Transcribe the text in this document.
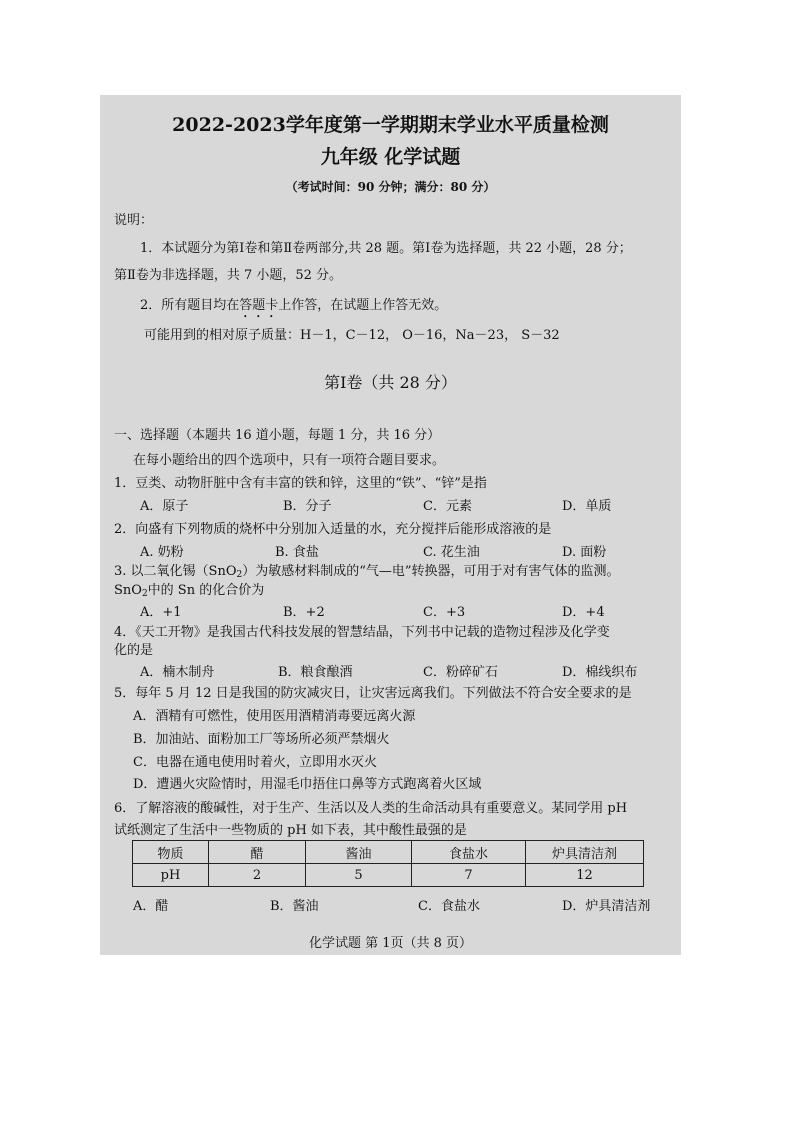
2022-2023学年度第一学期期末学业水平质量检测
九年级 化学试题
（考试时间：90 分钟；满分：80 分）
说明：
1．本试题分为第Ⅰ卷和第Ⅱ卷两部分,共 28 题。第Ⅰ卷为选择题，共 22 小题，28 分；
第Ⅱ卷为非选择题，共 7 小题，52 分。
2．所有题目均在答题卡上作答，在试题上作答无效。
可能用到的相对原子质量：H－1，C－12， O－16，Na－23， S－32
第Ⅰ卷（共 28 分）
一、选择题（本题共 16 道小题，每题 1 分，共 16 分）
在每小题给出的四个选项中，只有一项符合题目要求。
1．豆类、动物肝脏中含有丰富的铁和锌，这里的“铁”、“锌”是指
A．原子	B．分子	C．元素	D．单质
2．向盛有下列物质的烧杯中分别加入适量的水，充分搅拌后能形成溶液的是
A. 奶粉	B. 食盐	C. 花生油	D. 面粉
3. 以二氧化锡（SnO$_2$）为敏感材料制成的“气—电”转换器，可用于对有害气体的监测。
SnO$_2$中的 Sn 的化合价为
A．+1	B．+2	C．+3	D．+4
4．《天工开物》是我国古代科技发展的智慧结晶，下列书中记载的造物过程涉及化学变
化的是
A．楠木制舟	B．粮食酿酒	C．粉碎矿石	D．棉线织布
5．每年 5 月 12 日是我国的防灾减灾日，让灾害远离我们。下列做法不符合安全要求的是
A．酒精有可燃性，使用医用酒精消毒要远离火源
B．加油站、面粉加工厂等场所必须严禁烟火
C．电器在通电使用时着火，立即用水灭火
D．遭遇火灾险情时，用湿毛巾捂住口鼻等方式跑离着火区域
6．了解溶液的酸碱性，对于生产、生活以及人类的生命活动具有重要意义。某同学用 pH
试纸测定了生活中一些物质的 pH 如下表，其中酸性最强的是
物质	醋	酱油	食盐水	炉具清洁剂
pH	2	5	7	12
A．醋	B．酱油	C．食盐水	D．炉具清洁剂
化学试题 第 1页（共 8 页）
